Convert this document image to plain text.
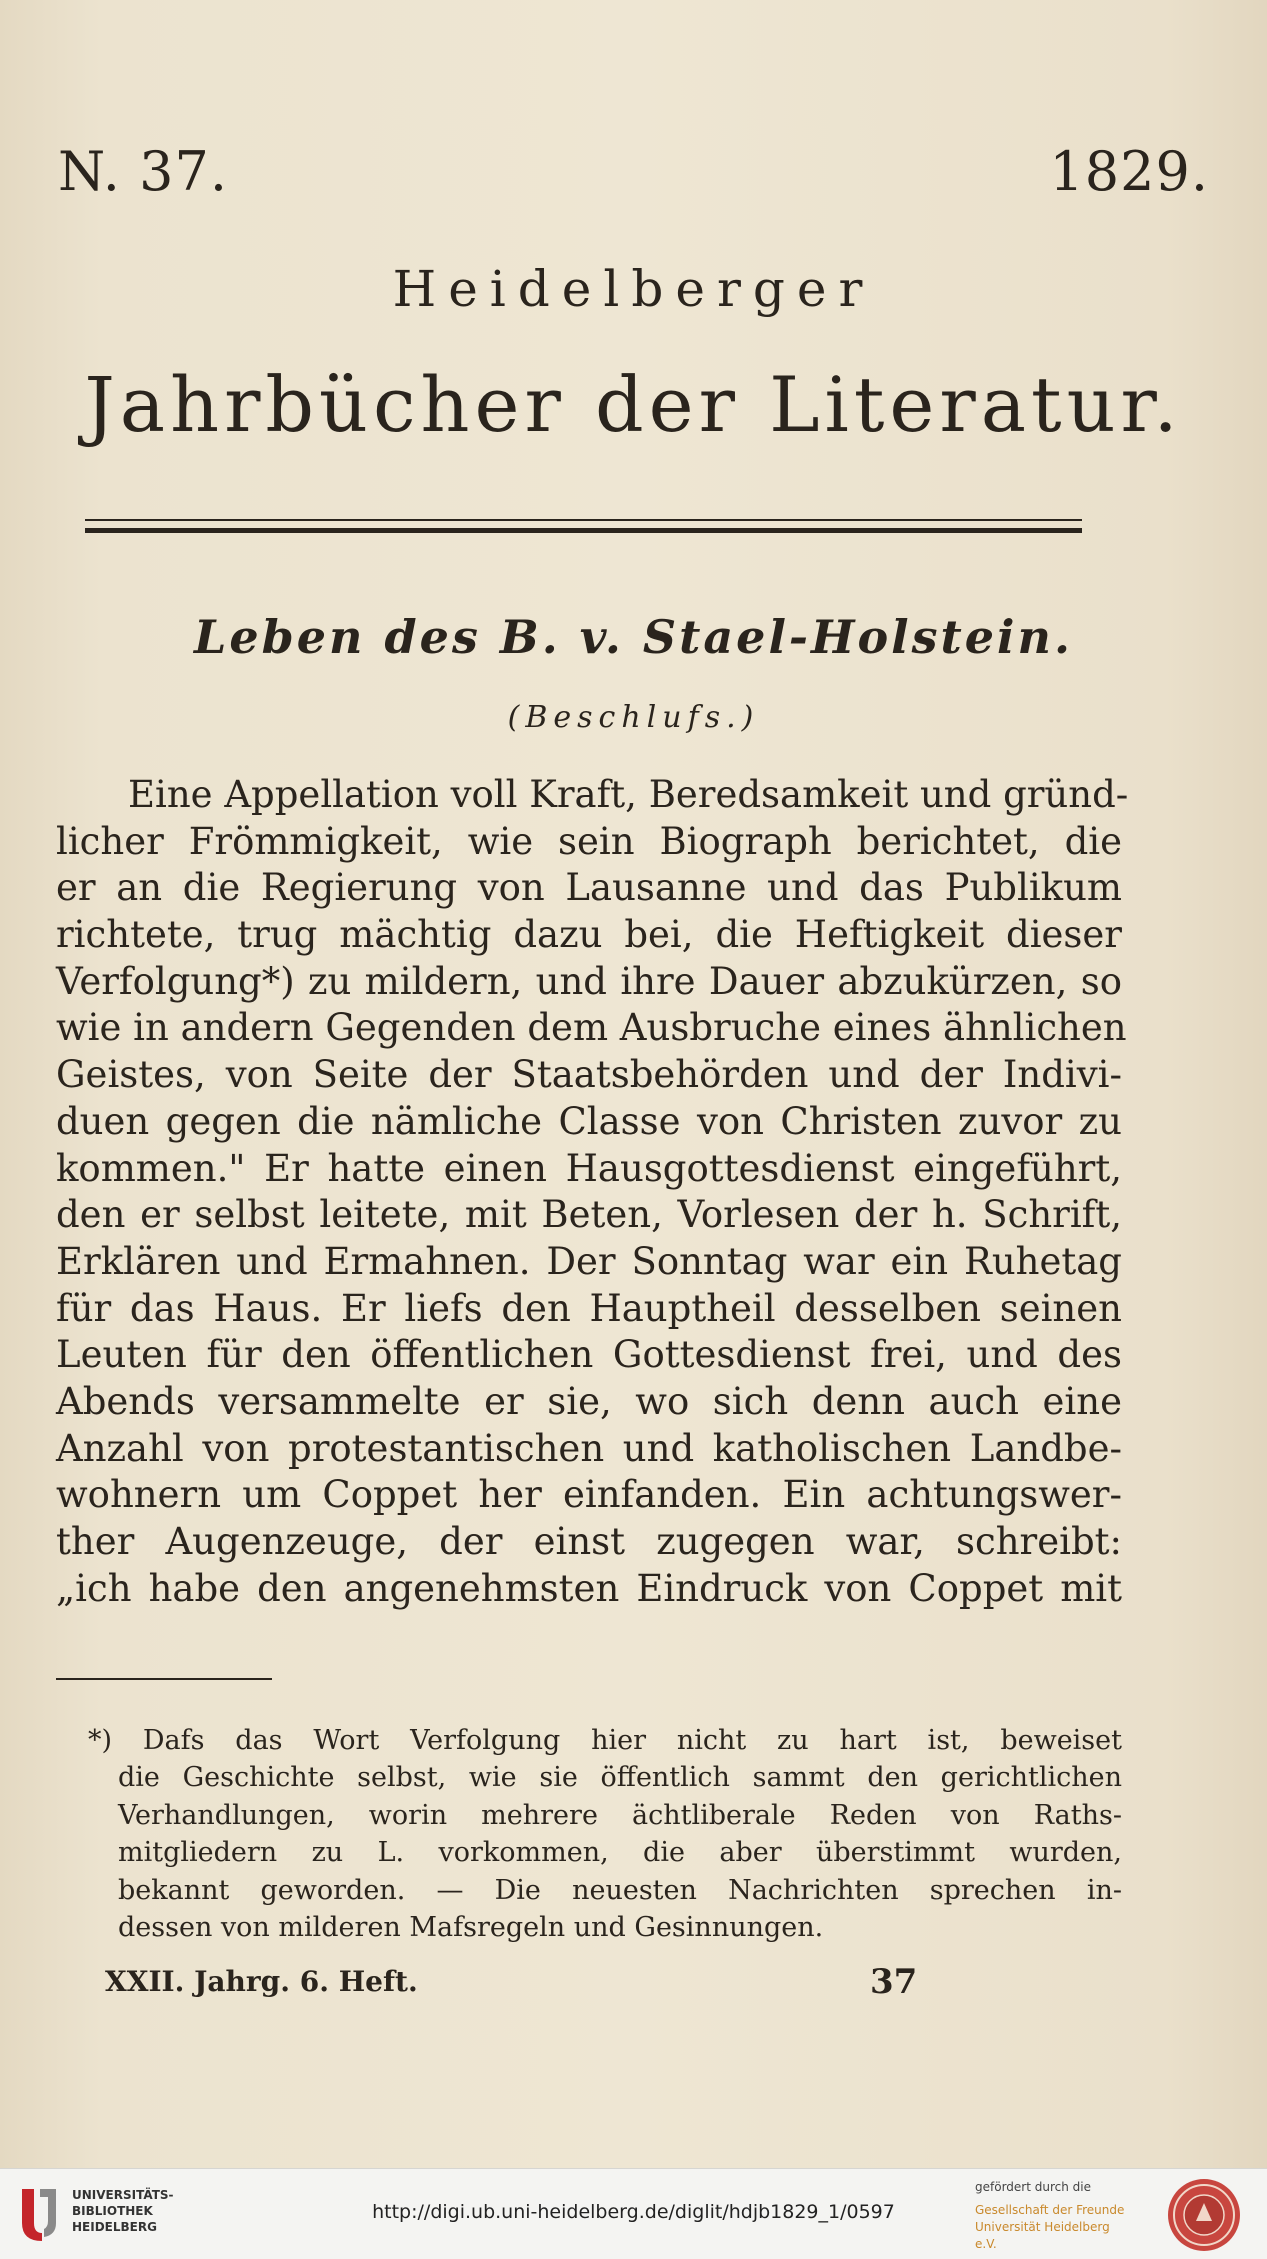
N. 37.	1829.
Heidelberger
Jahrbücher der Literatur.
Leben des B. v. Stael-Holstein.
(Beschlufs.)
Eine Appellation voll Kraft, Beredsamkeit und gründ-
licher Frömmigkeit, wie sein Biograph berichtet, die
er an die Regierung von Lausanne und das Publikum
richtete, trug mächtig dazu bei, die Heftigkeit dieser
Verfolgung*) zu mildern, und ihre Dauer abzukürzen, so
wie in andern Gegenden dem Ausbruche eines ähnlichen
Geistes, von Seite der Staatsbehörden und der Indivi-
duen gegen die nämliche Classe von Christen zuvor zu
kommen." Er hatte einen Hausgottesdienst eingeführt,
den er selbst leitete, mit Beten, Vorlesen der h. Schrift,
Erklären und Ermahnen. Der Sonntag war ein Ruhetag
für das Haus. Er liefs den Hauptheil desselben seinen
Leuten für den öffentlichen Gottesdienst frei, und des
Abends versammelte er sie, wo sich denn auch eine
Anzahl von protestantischen und katholischen Landbe-
wohnern um Coppet her einfanden. Ein achtungswer-
ther Augenzeuge, der einst zugegen war, schreibt:
„ich habe den angenehmsten Eindruck von Coppet mit
*) Dafs das Wort Verfolgung hier nicht zu hart ist, beweiset
die Geschichte selbst, wie sie öffentlich sammt den gerichtlichen
Verhandlungen, worin mehrere ächtliberale Reden von Raths-
mitgliedern zu L. vorkommen, die aber überstimmt wurden,
bekannt geworden. — Die neuesten Nachrichten sprechen in-
dessen von milderen Mafsregeln und Gesinnungen.
XXII. Jahrg. 6. Heft.	37
UNIVERSITÄTS-
BIBLIOTHEK
HEIDELBERG
http://digi.ub.uni-heidelberg.de/diglit/hdjb1829_1/0597
gefördert durch die
Gesellschaft der Freunde
Universität Heidelberg e.V.
